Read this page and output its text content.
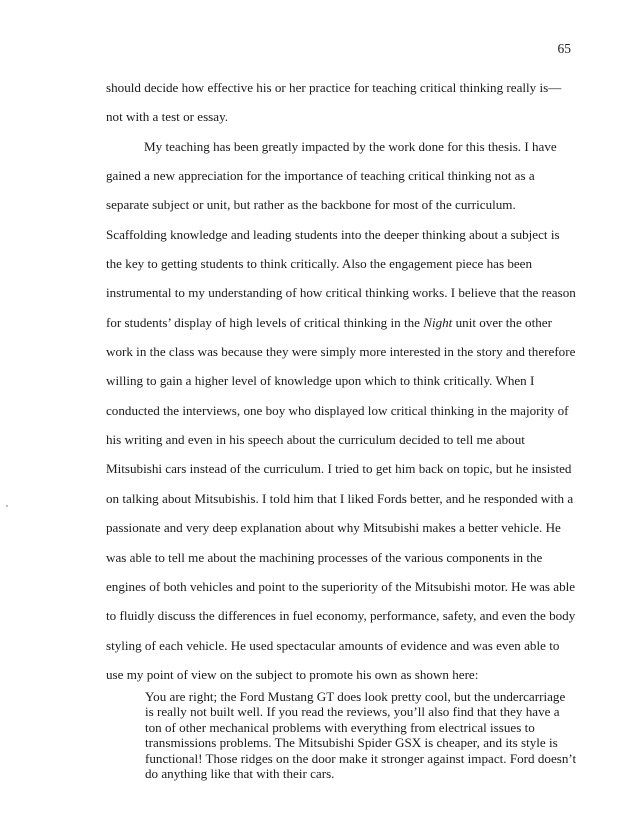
65
should decide how effective his or her practice for teaching critical thinking really is—
not with a test or essay.
My teaching has been greatly impacted by the work done for this thesis. I have
gained a new appreciation for the importance of teaching critical thinking not as a
separate subject or unit, but rather as the backbone for most of the curriculum.
Scaffolding knowledge and leading students into the deeper thinking about a subject is
the key to getting students to think critically. Also the engagement piece has been
instrumental to my understanding of how critical thinking works. I believe that the reason
for students’ display of high levels of critical thinking in the Night unit over the other
work in the class was because they were simply more interested in the story and therefore
willing to gain a higher level of knowledge upon which to think critically. When I
conducted the interviews, one boy who displayed low critical thinking in the majority of
his writing and even in his speech about the curriculum decided to tell me about
Mitsubishi cars instead of the curriculum. I tried to get him back on topic, but he insisted
on talking about Mitsubishis. I told him that I liked Fords better, and he responded with a
passionate and very deep explanation about why Mitsubishi makes a better vehicle. He
was able to tell me about the machining processes of the various components in the
engines of both vehicles and point to the superiority of the Mitsubishi motor. He was able
to fluidly discuss the differences in fuel economy, performance, safety, and even the body
styling of each vehicle. He used spectacular amounts of evidence and was even able to
use my point of view on the subject to promote his own as shown here:
You are right; the Ford Mustang GT does look pretty cool, but the undercarriage
is really not built well. If you read the reviews, you’ll also find that they have a
ton of other mechanical problems with everything from electrical issues to
transmissions problems. The Mitsubishi Spider GSX is cheaper, and its style is
functional! Those ridges on the door make it stronger against impact. Ford doesn’t
do anything like that with their cars.
